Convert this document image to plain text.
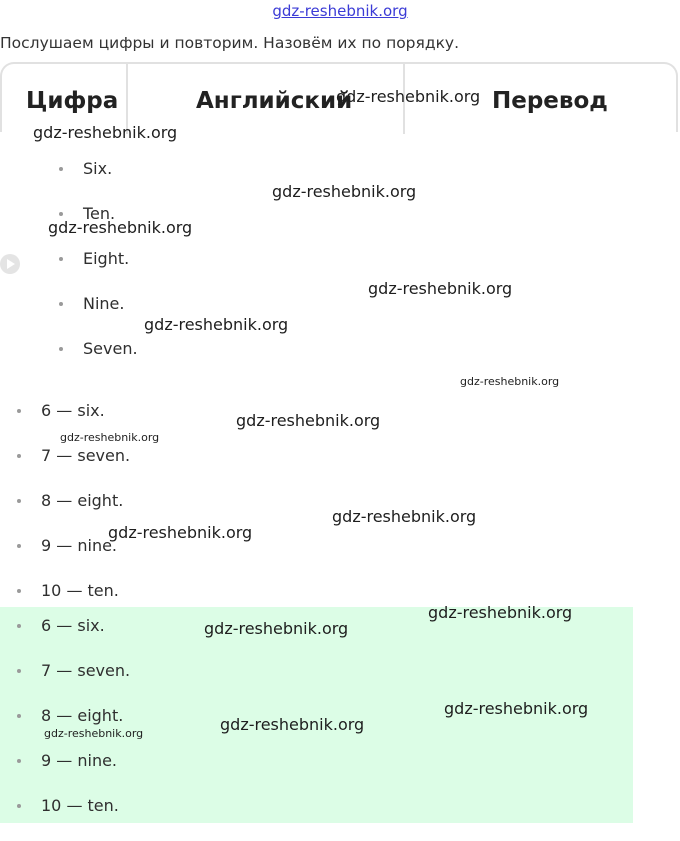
gdz-reshebnik.org
Послушаем цифры и повторим. Назовём их по порядку.
Цифра	Английский	Перевод
Six.
Ten.
Eight.
Nine.
Seven.
6 — six.
7 — seven.
8 — eight.
9 — nine.
10 — ten.
6 — six.
7 — seven.
8 — eight.
9 — nine.
10 — ten.
gdz-reshebnik.org
gdz-reshebnik.org
gdz-reshebnik.org
gdz-reshebnik.org
gdz-reshebnik.org
gdz-reshebnik.org
gdz-reshebnik.org
gdz-reshebnik.org
gdz-reshebnik.org
gdz-reshebnik.org
gdz-reshebnik.org
gdz-reshebnik.org
gdz-reshebnik.org
gdz-reshebnik.org
gdz-reshebnik.org
gdz-reshebnik.org
